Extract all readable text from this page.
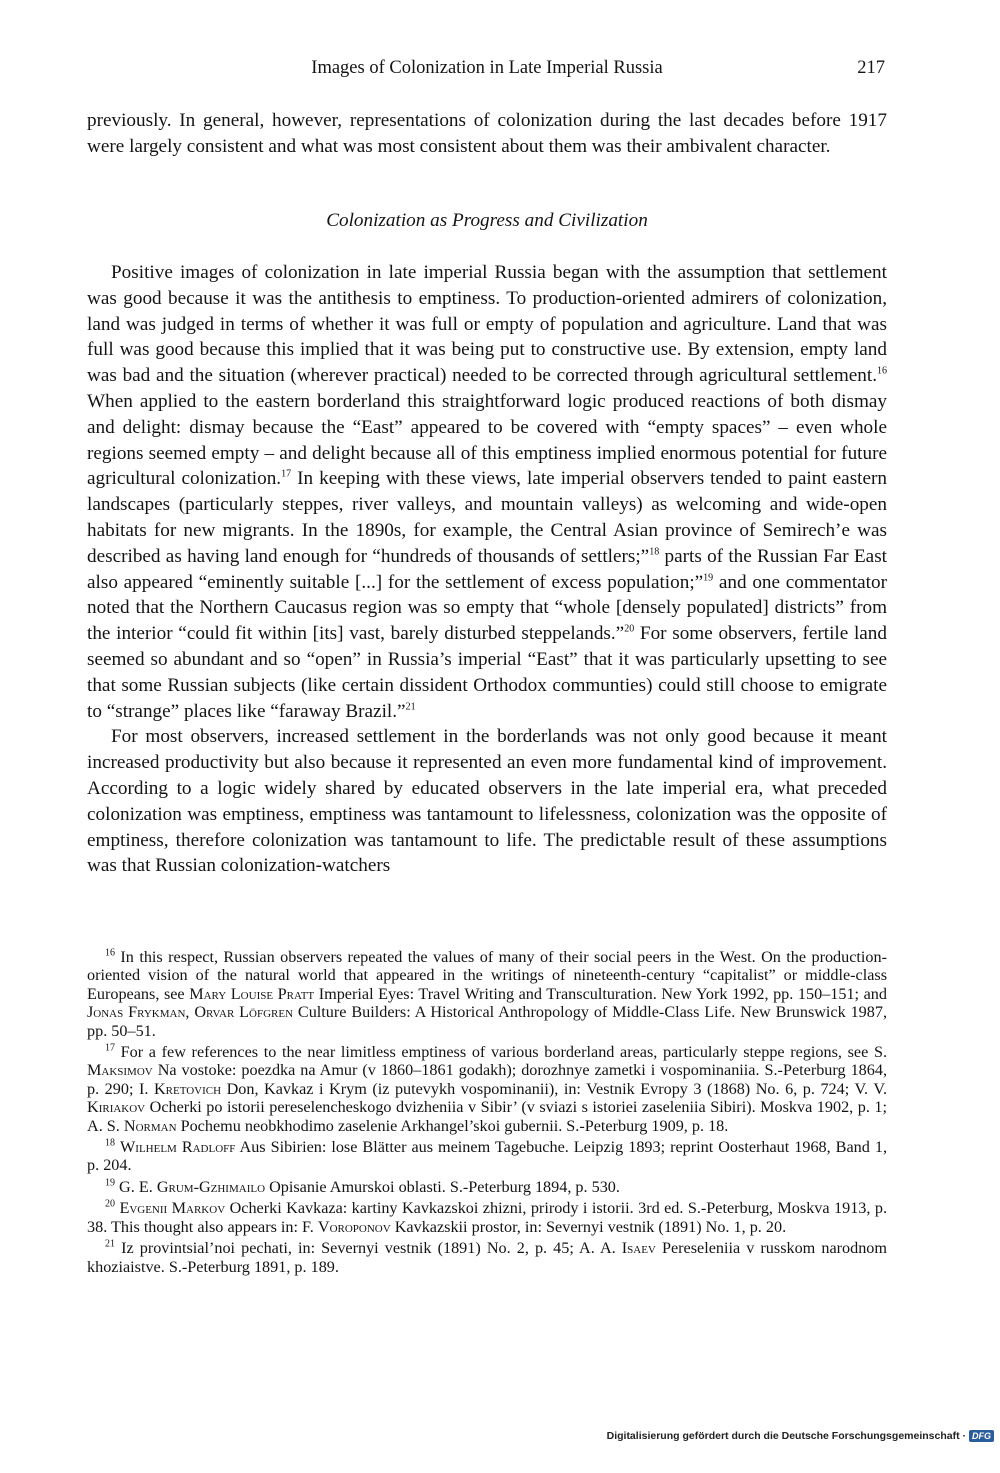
Images of Colonization in Late Imperial Russia	217

previously. In general, however, representations of colonization during the last decades before 1917 were largely consistent and what was most consistent about them was their ambivalent character.

Colonization as Progress and Civilization

Positive images of colonization in late imperial Russia began with the assumption that settlement was good because it was the antithesis to emptiness. To production-oriented admirers of colonization, land was judged in terms of whether it was full or empty of population and agriculture. Land that was full was good because this implied that it was being put to constructive use. By extension, empty land was bad and the situation (wherever practical) needed to be corrected through agricultural settlement.$^{16}$ When applied to the eastern borderland this straightforward logic produced reactions of both dismay and delight: dismay because the “East” appeared to be covered with “empty spaces” – even whole regions seemed empty – and delight because all of this emptiness implied enormous potential for future agricultural colonization.$^{17}$ In keeping with these views, late imperial observers tended to paint eastern landscapes (particularly steppes, river valleys, and mountain valleys) as welcoming and wide-open habitats for new migrants. In the 1890s, for example, the Central Asian province of Semirech’e was described as having land enough for “hundreds of thousands of settlers;”$^{18}$ parts of the Russian Far East also appeared “eminently suitable [...] for the settlement of excess population;”$^{19}$ and one commentator noted that the Northern Caucasus region was so empty that “whole [densely populated] districts” from the interior “could fit within [its] vast, barely disturbed steppelands.”$^{20}$ For some observers, fertile land seemed so abundant and so “open” in Russia’s imperial “East” that it was particularly upsetting to see that some Russian subjects (like certain dissident Orthodox communties) could still choose to emigrate to “strange” places like “faraway Brazil.”$^{21}$

For most observers, increased settlement in the borderlands was not only good because it meant increased productivity but also because it represented an even more fundamental kind of improvement. According to a logic widely shared by educated observers in the late imperial era, what preceded colonization was emptiness, emptiness was tantamount to lifelessness, colonization was the opposite of emptiness, therefore colonization was tantamount to life. The predictable result of these assumptions was that Russian colonization-watchers

$^{16}$ In this respect, Russian observers repeated the values of many of their social peers in the West. On the production-oriented vision of the natural world that appeared in the writings of nineteenth-century “capitalist” or middle-class Europeans, see Mary Louise Pratt Imperial Eyes: Travel Writing and Transculturation. New York 1992, pp. 150–151; and Jonas Frykman, Orvar Löfgren Culture Builders: A Historical Anthropology of Middle-Class Life. New Brunswick 1987, pp. 50–51.

$^{17}$ For a few references to the near limitless emptiness of various borderland areas, particularly steppe regions, see S. Maksimov Na vostoke: poezdka na Amur (v 1860–1861 godakh); dorozhnye zametki i vospominaniia. S.-Peterburg 1864, p. 290; I. Kretovich Don, Kavkaz i Krym (iz putevykh vospominanii), in: Vestnik Evropy 3 (1868) No. 6, p. 724; V. V. Kiriakov Ocherki po istorii pereselencheskogo dvizheniia v Sibir’ (v sviazi s istoriei zaseleniia Sibiri). Moskva 1902, p. 1; A. S. Norman Pochemu neobkhodimo zaselenie Arkhangel’skoi gubernii. S.-Peterburg 1909, p. 18.

$^{18}$ Wilhelm Radloff Aus Sibirien: lose Blätter aus meinem Tagebuche. Leipzig 1893; reprint Oosterhaut 1968, Band 1, p. 204.

$^{19}$ G. E. Grum-Gzhimailo Opisanie Amurskoi oblasti. S.-Peterburg 1894, p. 530.

$^{20}$ Evgenii Markov Ocherki Kavkaza: kartiny Kavkazskoi zhizni, prirody i istorii. 3rd ed. S.-Peterburg, Moskva 1913, p. 38. This thought also appears in: F. Voroponov Kavkazskii prostor, in: Severnyi vestnik (1891) No. 1, p. 20.

$^{21}$ Iz provintsial’noi pechati, in: Severnyi vestnik (1891) No. 2, p. 45; A. A. Isaev Pereseleniia v russkom narodnom khoziaistve. S.-Peterburg 1891, p. 189.

Digitalisierung gefördert durch die Deutsche Forschungsgemeinschaft · DFG
